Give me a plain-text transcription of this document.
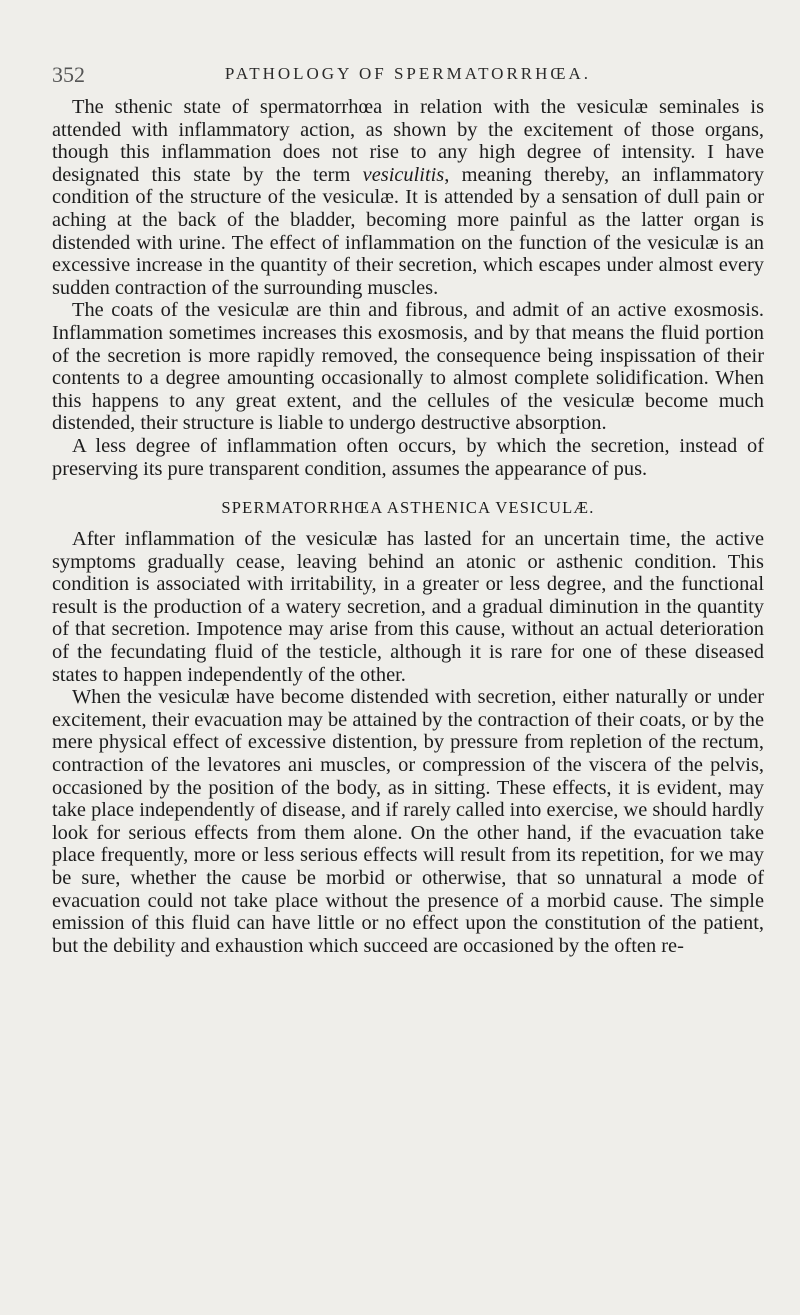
352	PATHOLOGY OF SPERMATORRHŒA.

The sthenic state of spermatorrhœa in relation with the vesiculæ seminales is attended with inflammatory action, as shown by the excitement of those organs, though this inflammation does not rise to any high degree of intensity. I have designated this state by the term vesiculitis, meaning thereby, an inflammatory condition of the structure of the vesiculæ. It is attended by a sensation of dull pain or aching at the back of the bladder, becoming more painful as the latter organ is distended with urine. The effect of inflammation on the function of the vesiculæ is an excessive increase in the quantity of their secretion, which escapes under almost every sudden contraction of the surrounding muscles.

The coats of the vesiculæ are thin and fibrous, and admit of an active exosmosis. Inflammation sometimes increases this exosmosis, and by that means the fluid portion of the secretion is more rapidly removed, the consequence being inspissation of their contents to a degree amounting occasionally to almost complete solidification. When this happens to any great extent, and the cellules of the vesiculæ become much distended, their structure is liable to undergo destructive absorption.

A less degree of inflammation often occurs, by which the secretion, instead of preserving its pure transparent condition, assumes the appearance of pus.

SPERMATORRHŒA ASTHENICA VESICULÆ.

After inflammation of the vesiculæ has lasted for an uncertain time, the active symptoms gradually cease, leaving behind an atonic or asthenic condition. This condition is associated with irritability, in a greater or less degree, and the functional result is the production of a watery secretion, and a gradual diminution in the quantity of that secretion. Impotence may arise from this cause, without an actual deterioration of the fecundating fluid of the testicle, although it is rare for one of these diseased states to happen independently of the other.

When the vesiculæ have become distended with secretion, either naturally or under excitement, their evacuation may be attained by the contraction of their coats, or by the mere physical effect of excessive distention, by pressure from repletion of the rectum, contraction of the levatores ani muscles, or compression of the viscera of the pelvis, occasioned by the position of the body, as in sitting. These effects, it is evident, may take place independently of disease, and if rarely called into exercise, we should hardly look for serious effects from them alone. On the other hand, if the evacuation take place frequently, more or less serious effects will result from its repetition, for we may be sure, whether the cause be morbid or otherwise, that so unnatural a mode of evacuation could not take place without the presence of a morbid cause. The simple emission of this fluid can have little or no effect upon the constitution of the patient, but the debility and exhaustion which succeed are occasioned by the often re-
